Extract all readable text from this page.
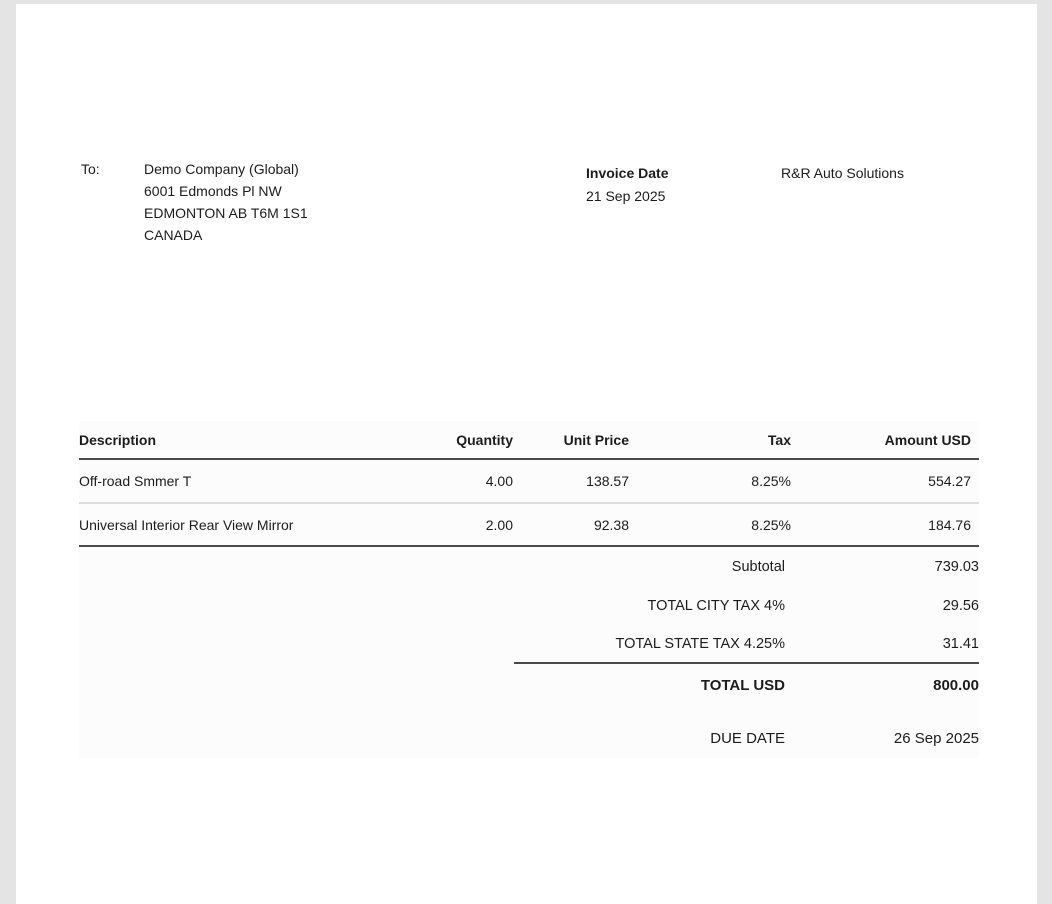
To:	Demo Company (Global)
6001 Edmonds Pl NW
EDMONTON AB T6M 1S1
CANADA
Invoice Date
21 Sep 2025
R&R Auto Solutions
Description	Quantity	Unit Price	Tax	Amount USD
Off-road Smmer T	4.00	138.57	8.25%	554.27
Universal Interior Rear View Mirror	2.00	92.38	8.25%	184.76
Subtotal	739.03
TOTAL CITY TAX 4%	29.56
TOTAL STATE TAX 4.25%	31.41
TOTAL USD	800.00
DUE DATE	26 Sep 2025
